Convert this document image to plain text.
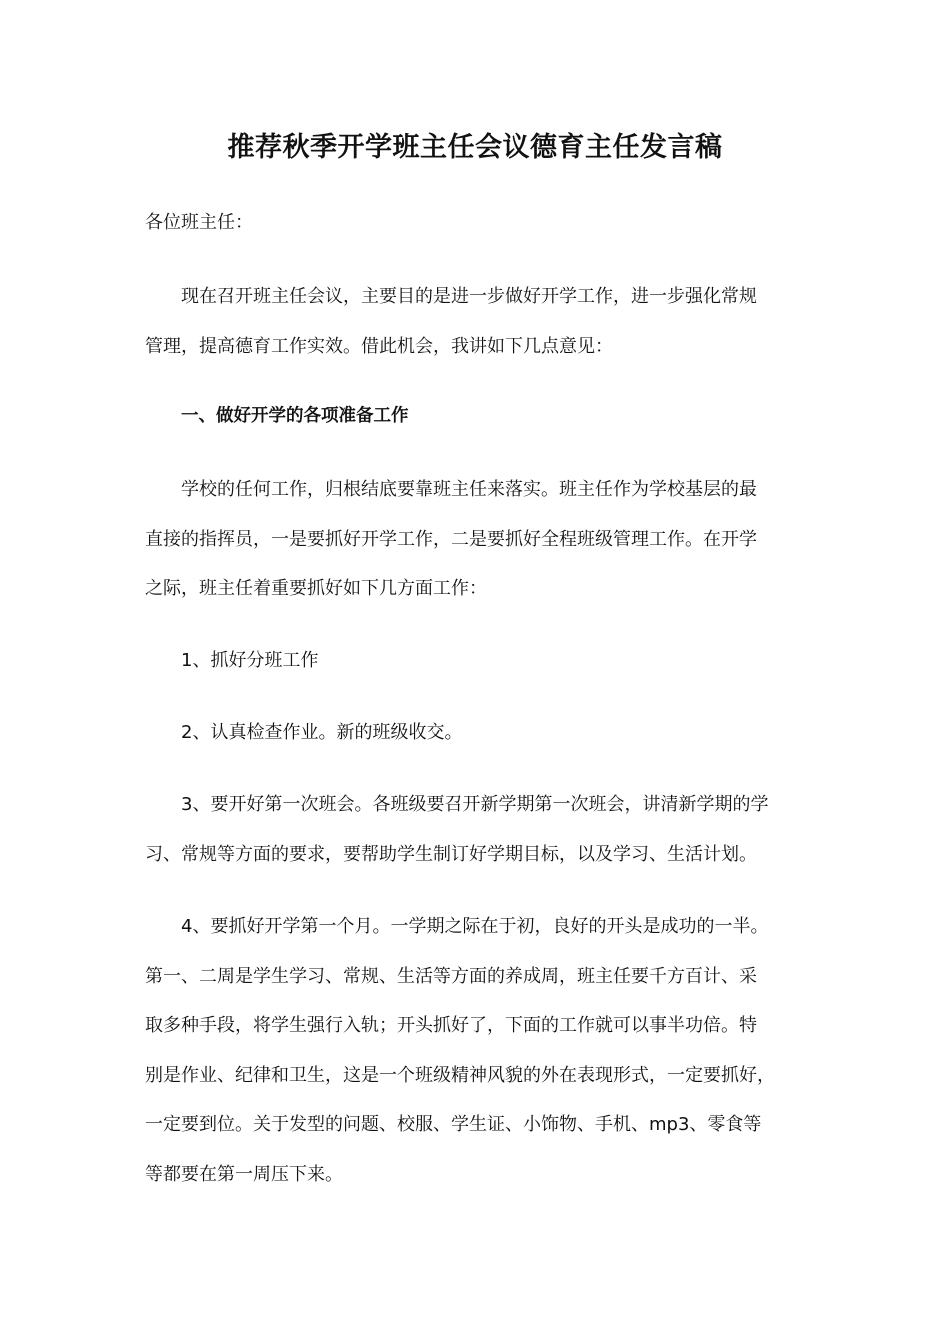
推荐秋季开学班主任会议德育主任发言稿

各位班主任：

现在召开班主任会议，主要目的是进一步做好开学工作，进一步强化常规
管理，提高德育工作实效。借此机会，我讲如下几点意见：

一、做好开学的各项准备工作

学校的任何工作，归根结底要靠班主任来落实。班主任作为学校基层的最
直接的指挥员，一是要抓好开学工作，二是要抓好全程班级管理工作。在开学
之际，班主任着重要抓好如下几方面工作：

1、抓好分班工作

2、认真检查作业。新的班级收交。

3、要开好第一次班会。各班级要召开新学期第一次班会，讲清新学期的学
习、常规等方面的要求，要帮助学生制订好学期目标，以及学习、生活计划。

4、要抓好开学第一个月。一学期之际在于初，良好的开头是成功的一半。
第一、二周是学生学习、常规、生活等方面的养成周，班主任要千方百计、采
取多种手段，将学生强行入轨；开头抓好了，下面的工作就可以事半功倍。特
别是作业、纪律和卫生，这是一个班级精神风貌的外在表现形式，一定要抓好，
一定要到位。关于发型的问题、校服、学生证、小饰物、手机、mp3、零食等
等都要在第一周压下来。
